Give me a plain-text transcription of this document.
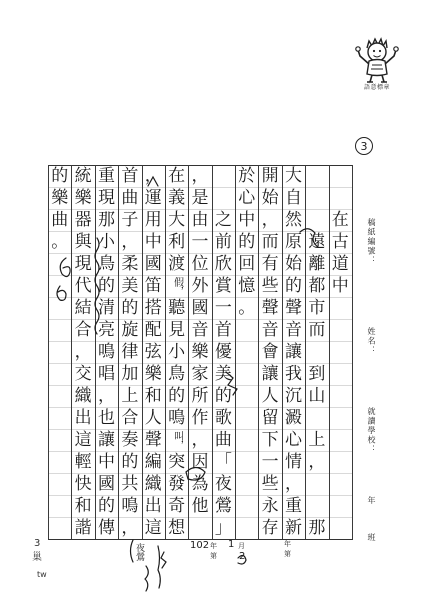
語意標章
3
在
古
道
中
遠
離
都
市
而
到
山
上
，
那
大
自
然
原
始
的
聲
音
讓
我
沉
澱
心
情
，
重
新
開
始
，
而
有
些
聲
音
會
讓
人
留
下
一
些
永
存
於
心
中
的
回
憶
。
之
前
欣
賞
一
首
優
美
的
歌
曲
「
夜
鶯
」
，
是
由
一
位
外
國
音
樂
家
所
作
，
因
為
他
在
義
大
利
渡
假，
聽
見
小
鳥
的
鳴
叫，
突
發
奇
想
，
運
用
中
國
笛
搭
配
弦
樂
和
人
聲
編
織
出
這
首
曲
子
，
柔
美
的
旋
律
加
上
合
奏
的
共
鳴
，
重
現
那
小
鳥
的
清
亮
鳴
唱
，
也
讓
中
國
的
傳
統
樂
器
與
現
代
結
合
，
交
織
出
這
輕
快
和
諧
的
樂
曲
。	稿紙編號：
姓名：
就讀學校：
年
班
102 年
第
1 月
2
年
第
夜鶯
3
巢
tw
